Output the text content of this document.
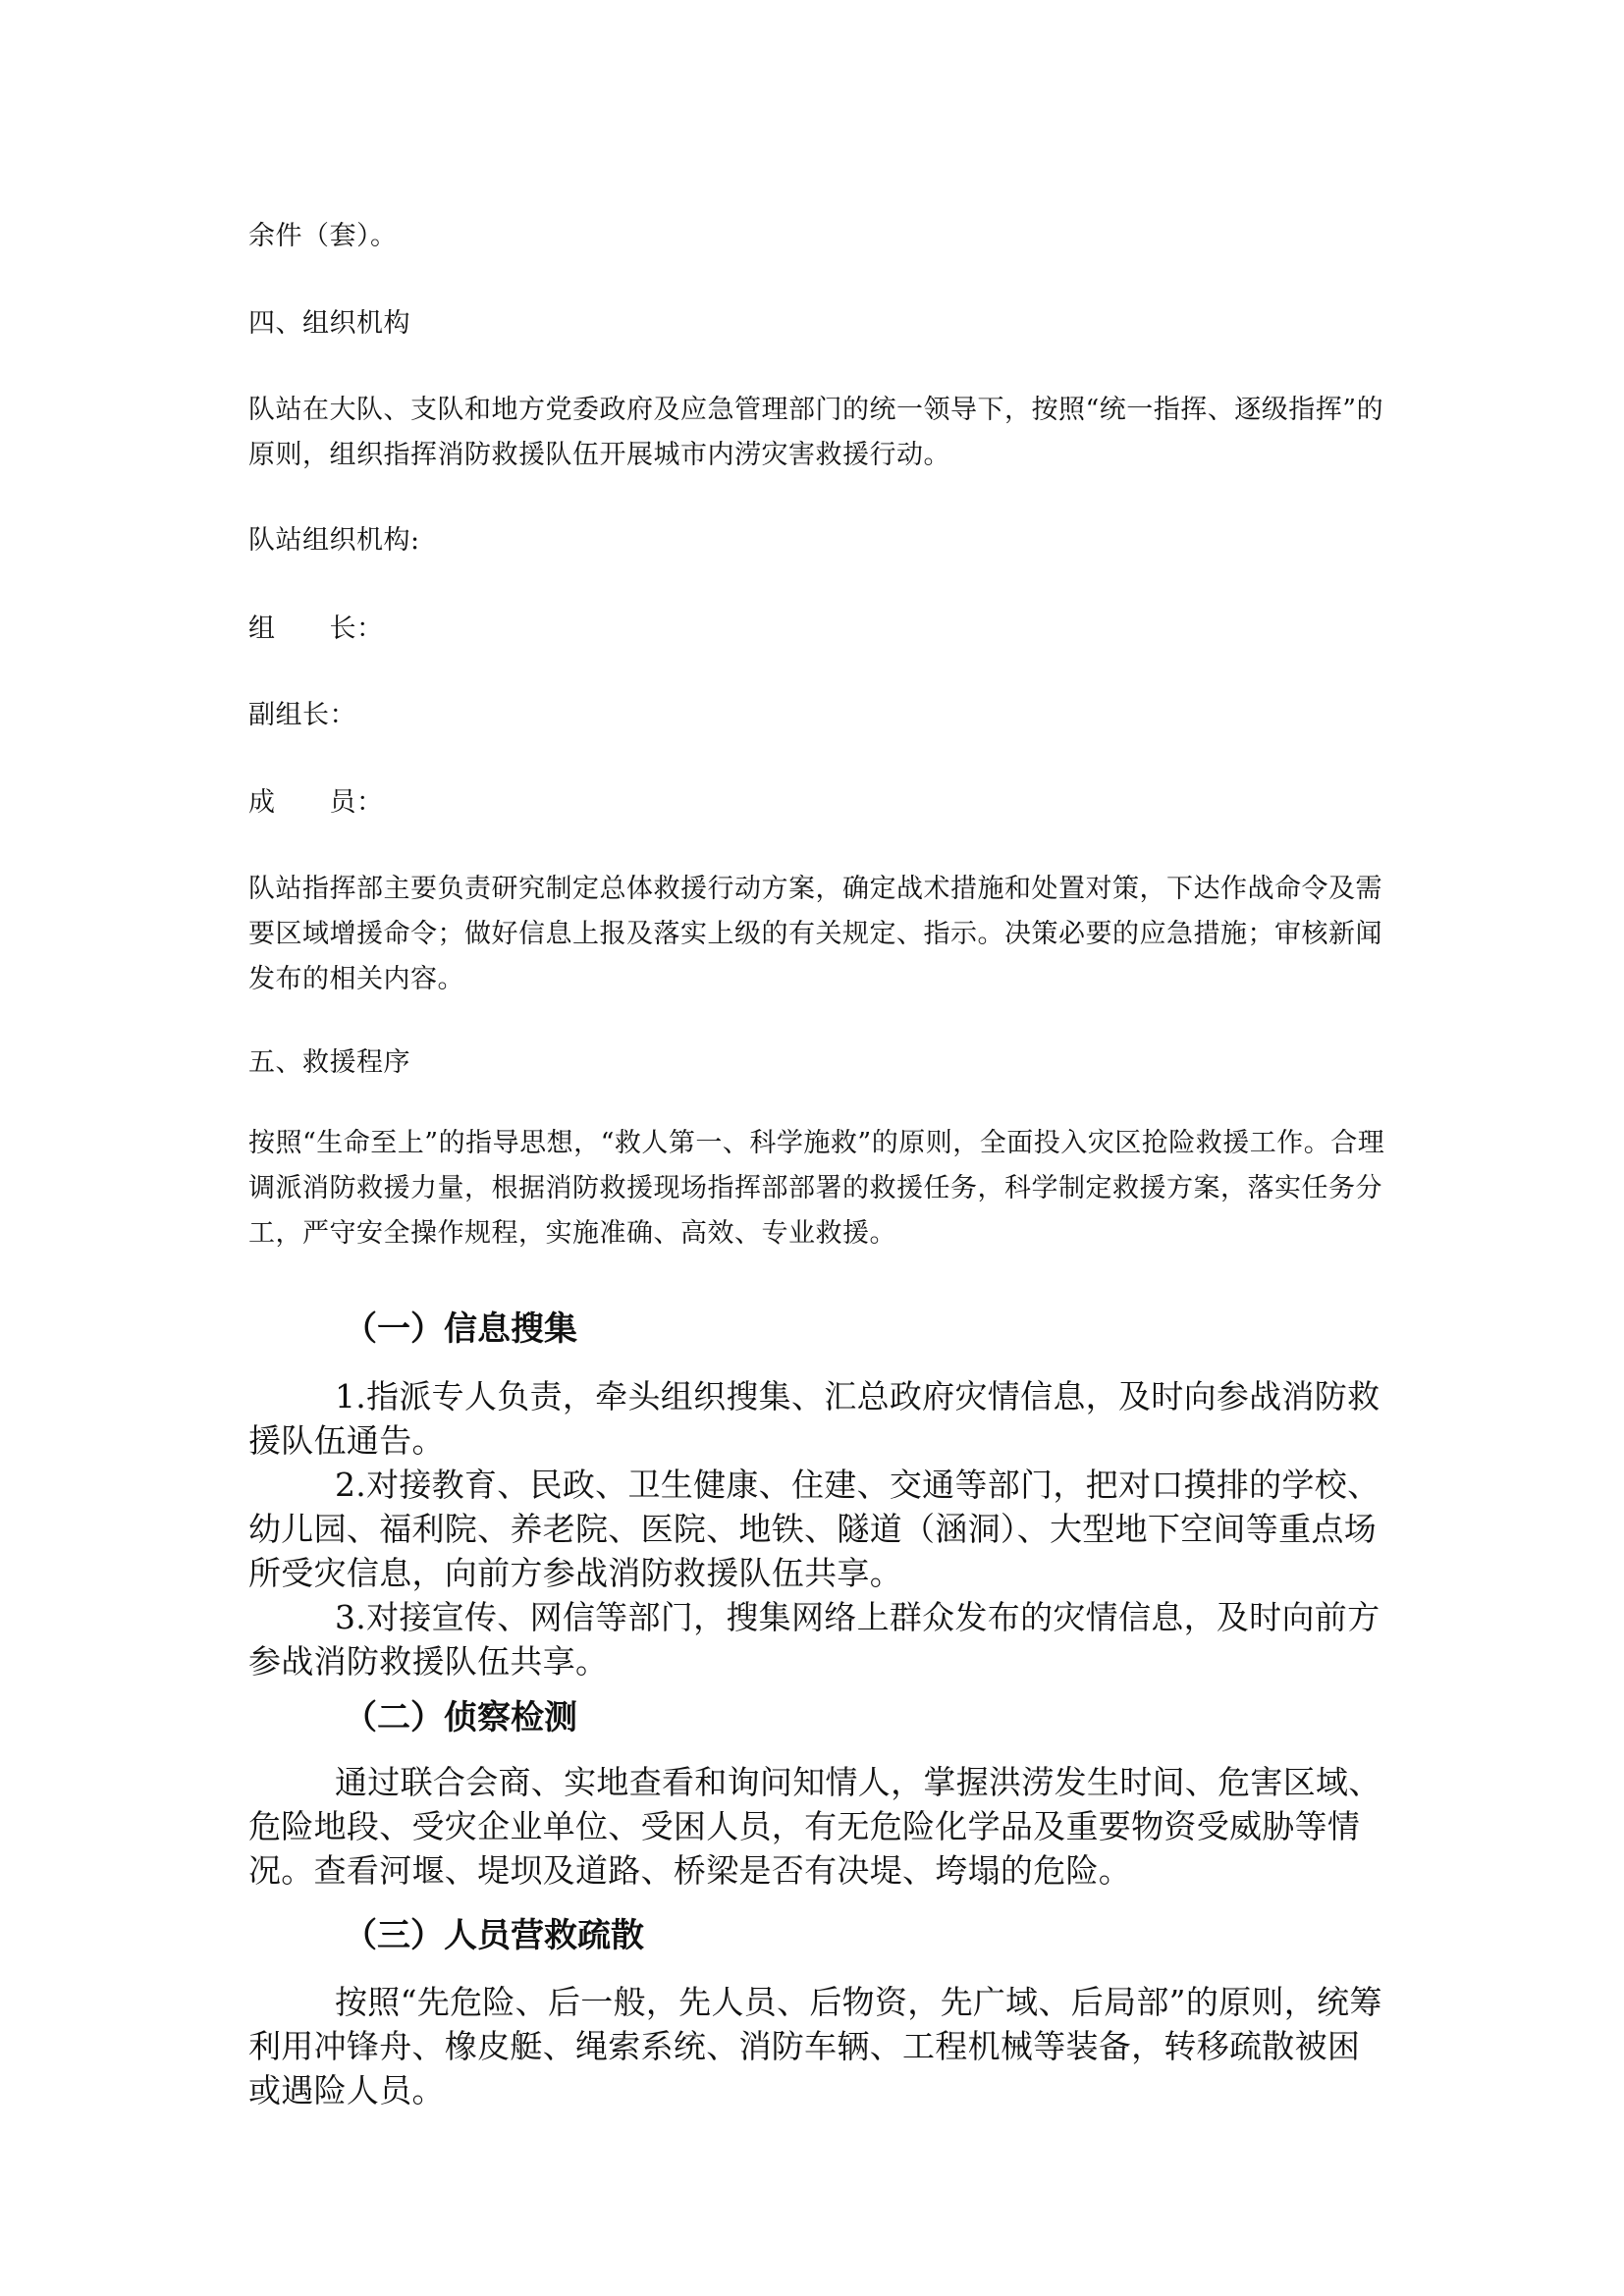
余件（套）。

四、组织机构

队站在大队、支队和地方党委政府及应急管理部门的统一领导下，按照“统一指挥、逐级指挥”的原则，组织指挥消防救援队伍开展城市内涝灾害救援行动。

队站组织机构:

组　　长：

副组长：

成　　员：

队站指挥部主要负责研究制定总体救援行动方案，确定战术措施和处置对策，下达作战命令及需要区域增援命令；做好信息上报及落实上级的有关规定、指示。决策必要的应急措施；审核新闻发布的相关内容。

五、救援程序

按照“生命至上”的指导思想，“救人第一、科学施救”的原则，全面投入灾区抢险救援工作。合理调派消防救援力量，根据消防救援现场指挥部部署的救援任务，科学制定救援方案，落实任务分工，严守安全操作规程，实施准确、高效、专业救援。

（一）信息搜集

1.指派专人负责，牵头组织搜集、汇总政府灾情信息，及时向参战消防救援队伍通告。

2.对接教育、民政、卫生健康、住建、交通等部门，把对口摸排的学校、幼儿园、福利院、养老院、医院、地铁、隧道（涵洞）、大型地下空间等重点场所受灾信息，向前方参战消防救援队伍共享。

3.对接宣传、网信等部门，搜集网络上群众发布的灾情信息，及时向前方参战消防救援队伍共享。

（二）侦察检测

通过联合会商、实地查看和询问知情人，掌握洪涝发生时间、危害区域、危险地段、受灾企业单位、受困人员，有无危险化学品及重要物资受威胁等情况。查看河堰、堤坝及道路、桥梁是否有决堤、垮塌的危险。

（三）人员营救疏散

按照“先危险、后一般，先人员、后物资，先广域、后局部”的原则，统筹利用冲锋舟、橡皮艇、绳索系统、消防车辆、工程机械等装备，转移疏散被困或遇险人员。
